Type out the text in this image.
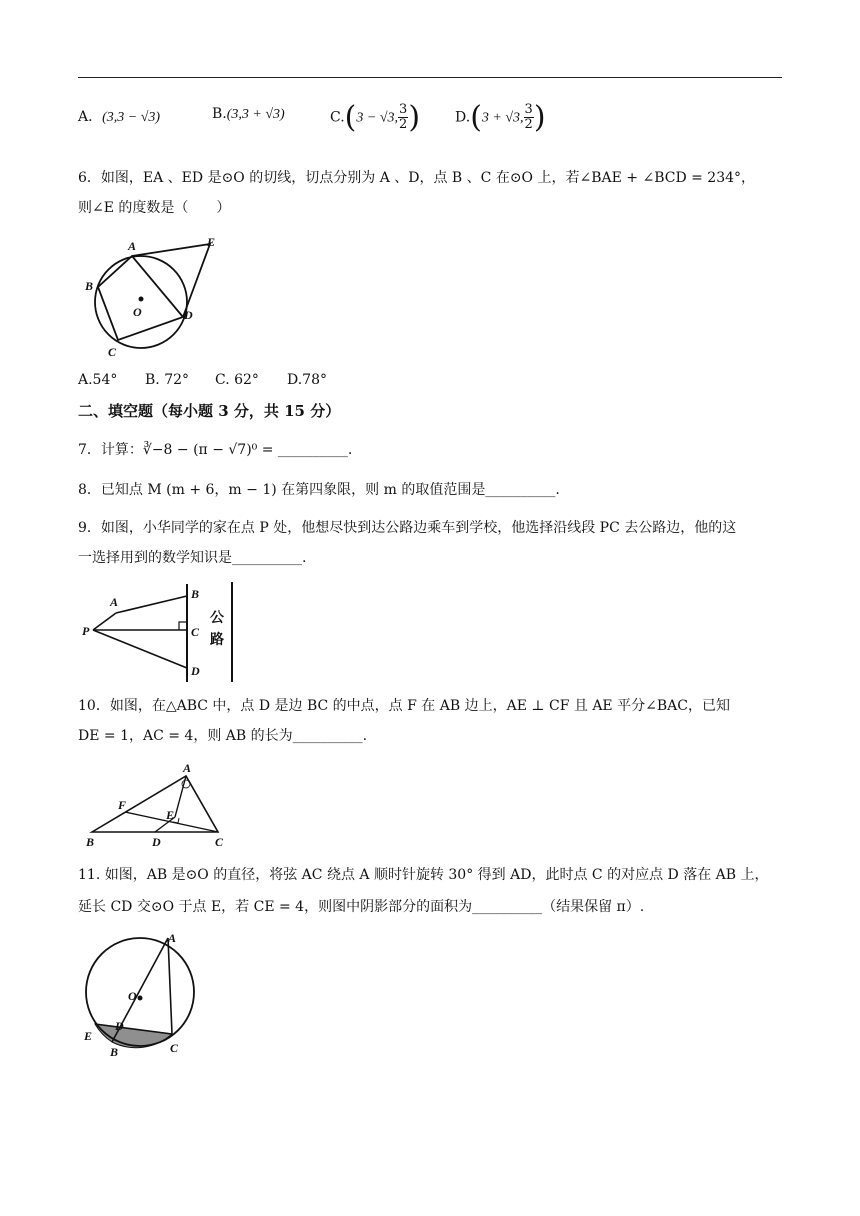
A．(3,3 − √3)	B.(3,3 + √3)	C.(3 − √3, $\frac{3}{2}$ ) D.(3 + √3, $\frac{3}{2}$ )
6．如图，EA 、ED 是⊙O 的切线，切点分别为 A 、D，点 B 、C 在⊙O 上，若∠BAE + ∠BCD = 234°，
则∠E 的度数是（　　）
A	E
B
O	D
C
A.54° B. 72° C. 62° D.78°
二、填空题（每小题 3 分，共 15 分）
7．计算：∛−8 − (π − √7)⁰ = __________.
8．已知点 M (m + 6，m − 1) 在第四象限，则 m 的取值范围是__________.
9．如图，小华同学的家在点 P 处，他想尽快到达公路边乘车到学校，他选择沿线段 PC 去公路边，他的这
一选择用到的数学知识是__________.
A
B
P	C
D
公
路
10．如图，在△ABC 中，点 D 是边 BC 的中点，点 F 在 AB 边上，AE ⊥ CF 且 AE 平分∠BAC，已知
DE = 1，AC = 4，则 AB 的长为__________.
A
F
E
B	D	C
11. 如图，AB 是⊙O 的直径，将弦 AC 绕点 A 顺时针旋转 30° 得到 AD，此时点 C 的对应点 D 落在 AB 上，
延长 CD 交⊙O 于点 E，若 CE = 4，则图中阴影部分的面积为__________（结果保留 π）.
A
O
D
E
B	C
